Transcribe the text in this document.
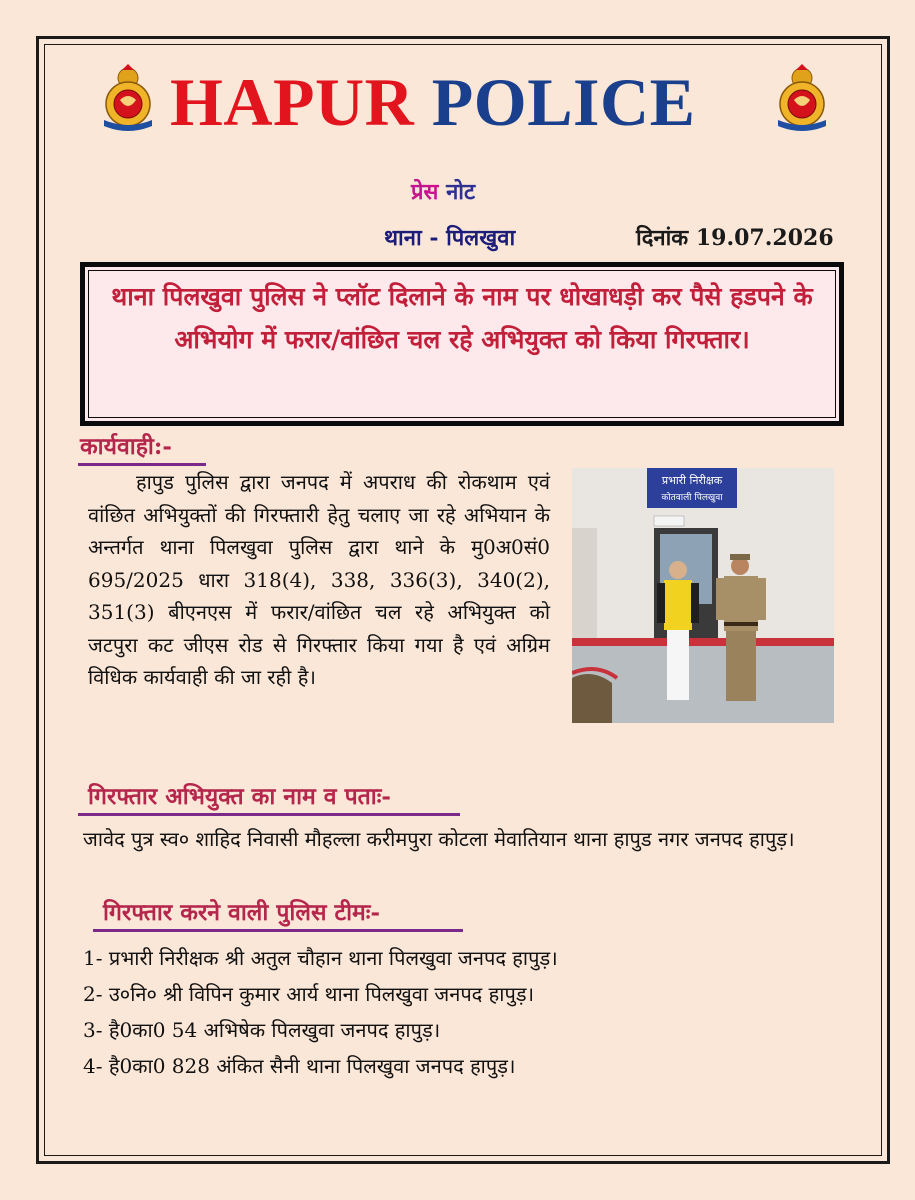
HAPUR POLICE
प्रेस नोट
थाना - पिलखुवा	दिनांक 19.07.2026
थाना पिलखुवा पुलिस ने प्लॉट दिलाने के नाम पर धोखाधड़ी कर पैसे हडपने के अभियोग में फरार/वांछित चल रहे अभियुक्त को किया गिरफ्तार।
कार्यवाही:-
हापुड पुलिस द्वारा जनपद में अपराध की रोकथाम एवं वांछित अभियुक्तों की गिरफ्तारी हेतु चलाए जा रहे अभियान के अन्तर्गत थाना पिलखुवा पुलिस द्वारा थाने के मु0अ0सं0 695/2025 धारा 318(4), 338, 336(3), 340(2), 351(3) बीएनएस में फरार/वांछित चल रहे अभियुक्त को जटपुरा कट जीएस रोड से गिरफ्तार किया गया है एवं अग्रिम विधिक कार्यवाही की जा रही है।
प्रभारी निरीक्षक
कोतवाली पिलखुवा
गिरफ्तार अभियुक्त का नाम व पताः-
जावेद पुत्र स्व० शाहिद निवासी मौहल्ला करीमपुरा कोटला मेवातियान थाना हापुड नगर जनपद हापुड़।
गिरफ्तार करने वाली पुलिस टीमः-
1- प्रभारी निरीक्षक श्री अतुल चौहान थाना पिलखुवा जनपद हापुड़।
2- उ०नि० श्री विपिन कुमार आर्य थाना पिलखुवा जनपद हापुड़।
3- है0का0 54 अभिषेक पिलखुवा जनपद हापुड़।
4- है0का0 828 अंकित सैनी थाना पिलखुवा जनपद हापुड़।
